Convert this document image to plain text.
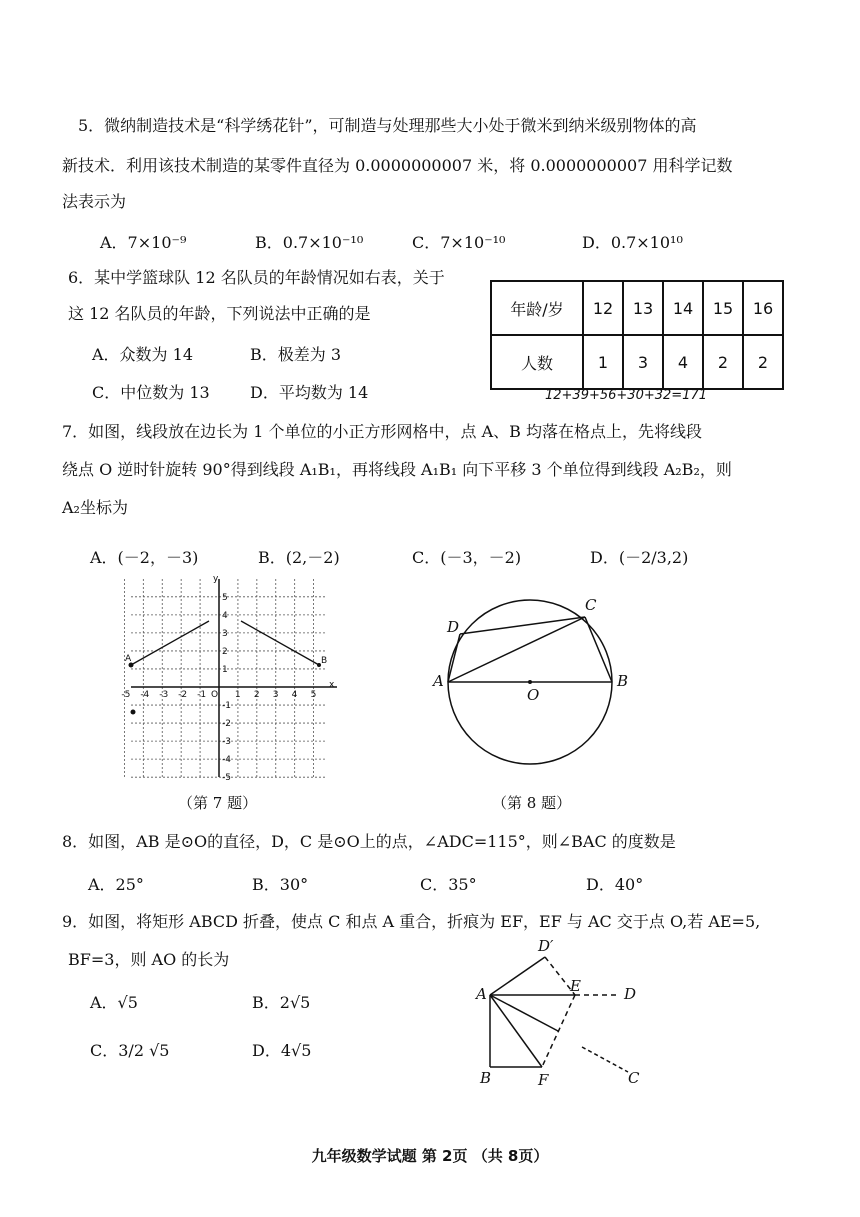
5．微纳制造技术是“科学绣花针”，可制造与处理那些大小处于微米到纳米级别物体的高
新技术．利用该技术制造的某零件直径为 0.0000000007 米，将 0.0000000007 用科学记数
法表示为
A．7×10⁻⁹	B．0.7×10⁻¹⁰	C．7×10⁻¹⁰	D．0.7×10¹⁰
6．某中学篮球队 12 名队员的年龄情况如右表，关于
这 12 名队员的年龄，下列说法中正确的是
A．众数为 14	B．极差为 3
C．中位数为 13	D．平均数为 14
年龄/岁	12	13	14	15	16
人数	1	3	4	2	2
12+39+56+30+32=171
7．如图，线段放在边长为 1 个单位的小正方形网格中，点 A、B 均落在格点上，先将线段
绕点 O 逆时针旋转 90°得到线段 A₁B₁，再将线段 A₁B₁ 向下平移 3 个单位得到线段 A₂B₂，则
A₂坐标为
A．(－2，－3)	B．(2,－2)	C．(－3，－2)	D．(－2/3,2)
x
y
O
-5 -4 -3 -2 -1	1 2 3 4 5
5
4
3
2
1
-1
-2
-3
-4
-5
A	B
（第 7 题）
A	B
C
D
O
（第 8 题）
8．如图，AB 是⊙O的直径，D，C 是⊙O上的点，∠ADC=115°，则∠BAC 的度数是
A．25°	B．30°	C．35°	D．40°
9．如图，将矩形 ABCD 折叠，使点 C 和点 A 重合，折痕为 EF，EF 与 AC 交于点 O,若 AE=5,
BF=3，则 AO 的长为
A．√5	B．2√5
C．3/2 √5	D．4√5
A
B	C
D
D′
E
F
九年级数学试题 第 2页 （共 8页）
